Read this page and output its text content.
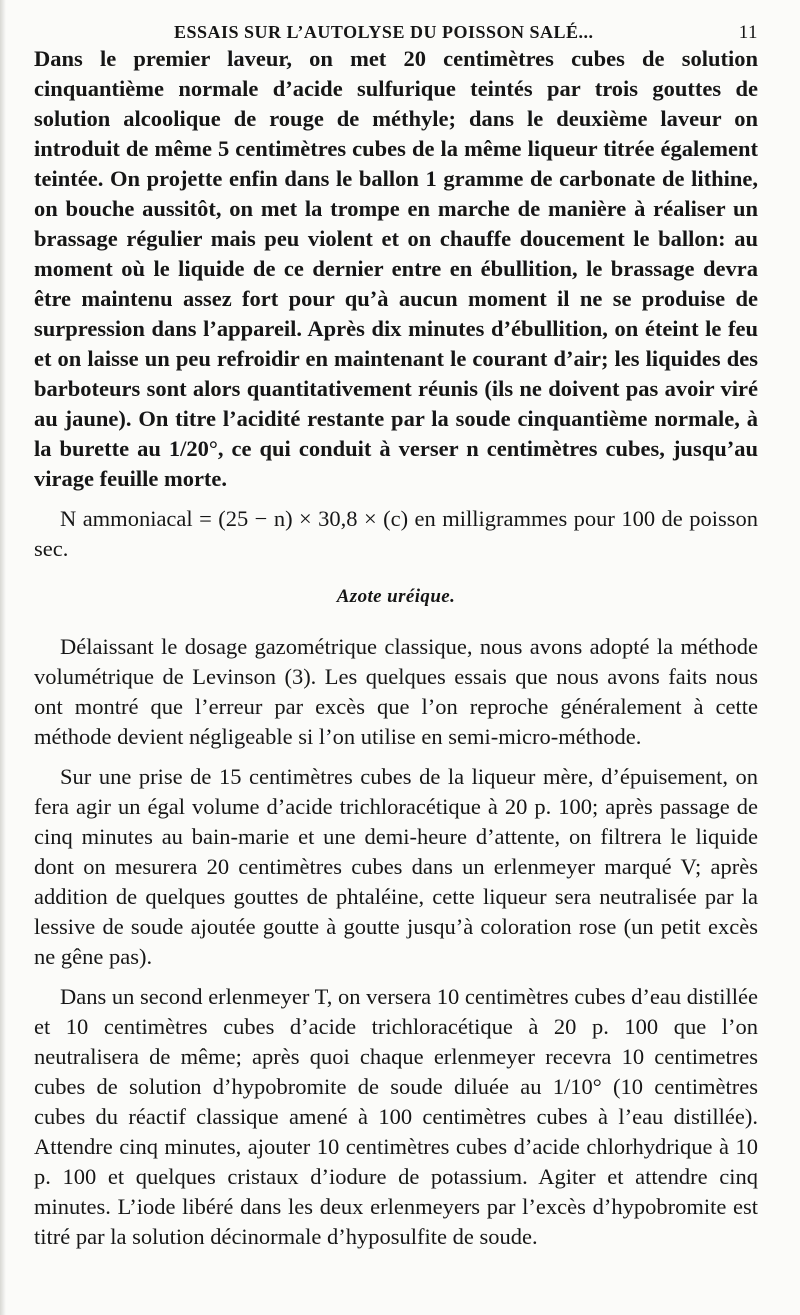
ESSAIS SUR L’AUTOLYSE DU POISSON SALÉ...	11

Dans le premier laveur, on met 20 centimètres cubes de solution cinquantième normale d’acide sulfurique teintés par trois gouttes de solution alcoolique de rouge de méthyle; dans le deuxième laveur on introduit de même 5 centimètres cubes de la même liqueur titrée également teintée. On projette enfin dans le ballon 1 gramme de carbonate de lithine, on bouche aussitôt, on met la trompe en marche de manière à réaliser un brassage régulier mais peu violent et on chauffe doucement le ballon: au moment où le liquide de ce dernier entre en ébullition, le brassage devra être maintenu assez fort pour qu’à aucun moment il ne se produise de surpression dans l’appareil. Après dix minutes d’ébullition, on éteint le feu et on laisse un peu refroidir en maintenant le courant d’air; les liquides des barboteurs sont alors quantitativement réunis (ils ne doivent pas avoir viré au jaune). On titre l’acidité restante par la soude cinquantième normale, à la burette au 1/20°, ce qui conduit à verser n centimètres cubes, jusqu’au virage feuille morte.

N ammoniacal = (25 − n) × 30,8 × (c) en milligrammes pour 100 de poisson sec.

Azote uréique.

Délaissant le dosage gazométrique classique, nous avons adopté la méthode volumétrique de Levinson (3). Les quelques essais que nous avons faits nous ont montré que l’erreur par excès que l’on reproche généralement à cette méthode devient négligeable si l’on utilise en semi-micro-méthode.

Sur une prise de 15 centimètres cubes de la liqueur mère, d’épuisement, on fera agir un égal volume d’acide trichloracétique à 20 p. 100; après passage de cinq minutes au bain-marie et une demi-heure d’attente, on filtrera le liquide dont on mesurera 20 centimètres cubes dans un erlenmeyer marqué V; après addition de quelques gouttes de phtaléine, cette liqueur sera neutralisée par la lessive de soude ajoutée goutte à goutte jusqu’à coloration rose (un petit excès ne gêne pas).

Dans un second erlenmeyer T, on versera 10 centimètres cubes d’eau distillée et 10 centimètres cubes d’acide trichloracétique à 20 p. 100 que l’on neutralisera de même; après quoi chaque erlenmeyer recevra 10 centimetres cubes de solution d’hypobromite de soude diluée au 1/10° (10 centimètres cubes du réactif classique amené à 100 centimètres cubes à l’eau distillée). Attendre cinq minutes, ajouter 10 centimètres cubes d’acide chlorhydrique à 10 p. 100 et quelques cristaux d’iodure de potassium. Agiter et attendre cinq minutes. L’iode libéré dans les deux erlenmeyers par l’excès d’hypobromite est titré par la solution décinormale d’hyposulfite de soude.
